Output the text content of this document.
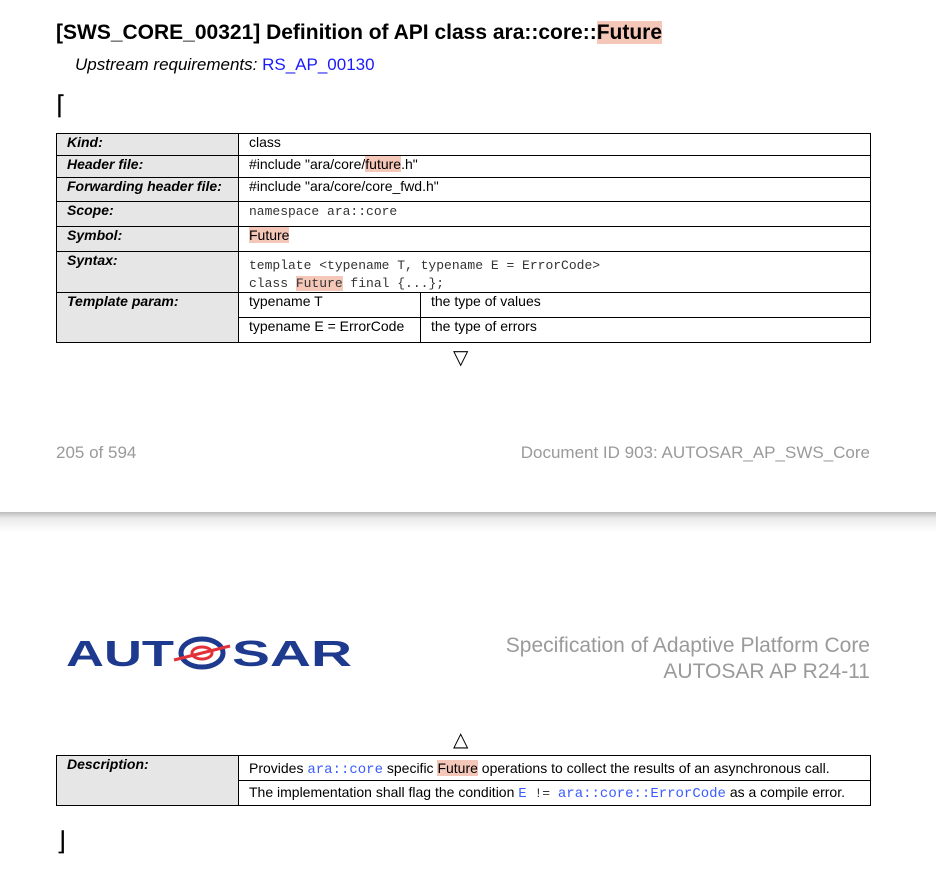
[SWS_CORE_00321] Definition of API class ara::core::Future
Upstream requirements: RS_AP_00130
⌈
Kind:	class	
Header file:	#include "ara/core/future.h"	
Forwarding header file:	#include "ara/core/core_fwd.h"	
Scope:	namespace ara::core	
Symbol:	Future	
Syntax:	template <typename T, typename E = ErrorCode>
class Future final {...};	
Template param:	typename T	the type of values
	typename E = ErrorCode	the type of errors
▽
205 of 594	Document ID 903: AUTOSAR_AP_SWS_Core
AUT SAR	Specification of Adaptive Platform Core
AUTOSAR AP R24-11
△
Description:	Provides ara::core specific Future operations to collect the results of an asynchronous call.
The implementation shall flag the condition E != ara::core::ErrorCode as a compile error.
⌋
